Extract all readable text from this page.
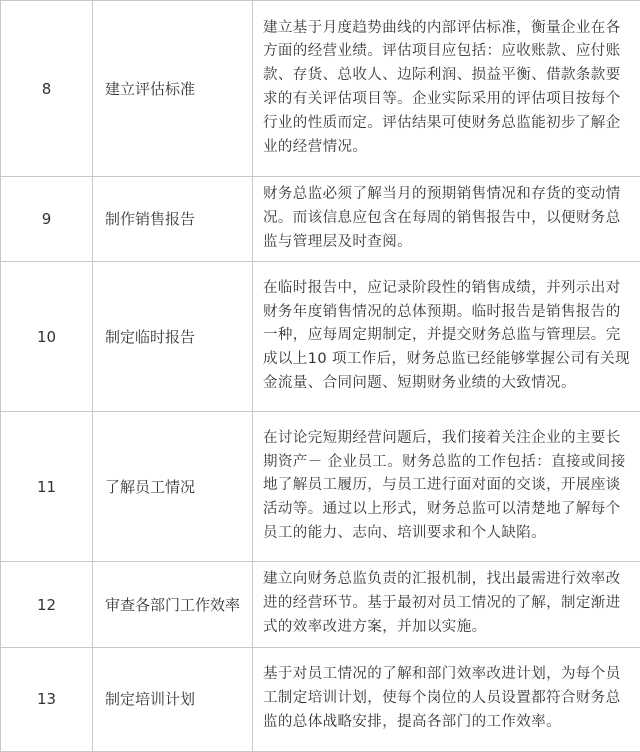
8	建立评估标准	建立基于月度趋势曲线的内部评估标准，衡量企业在各方面的经营业绩。评估项目应包括：应收账款、应付账款、存货、总收人、边际利润、损益平衡、借款条款要求的有关评估项目等。企业实际采用的评估项目按每个行业的性质而定。评估结果可使财务总监能初步了解企业的经营情况。
9	制作销售报告	财务总监必须了解当月的预期销售情况和存货的变动情况。而该信息应包含在每周的销售报告中，以便财务总监与管理层及时查阅。
10	制定临时报告	在临时报告中，应记录阶段性的销售成绩，并列示出对财务年度销售情况的总体预期。临时报告是销售报告的一种，应每周定期制定，并提交财务总监与管理层。完成以上10 项工作后，财务总监已经能够掌握公司有关现金流量、合同问题、短期财务业绩的大致情况。
11	了解员工情况	在讨论完短期经营问题后，我们接着关注企业的主要长期资产－ 企业员工。财务总监的工作包括：直接或间接地了解员工履历，与员工进行面对面的交谈，开展座谈活动等。通过以上形式，财务总监可以清楚地了解每个员工的能力、志向、培训要求和个人缺陷。
12	审查各部门工作效率	建立向财务总监负责的汇报机制，找出最需进行效率改进的经营环节。基于最初对员工情况的了解，制定渐进式的效率改进方案，并加以实施。
13	制定培训计划	基于对员工情况的了解和部门效率改进计划，为每个员工制定培训计划，使每个岗位的人员设置都符合财务总监的总体战略安排，提高各部门的工作效率。
